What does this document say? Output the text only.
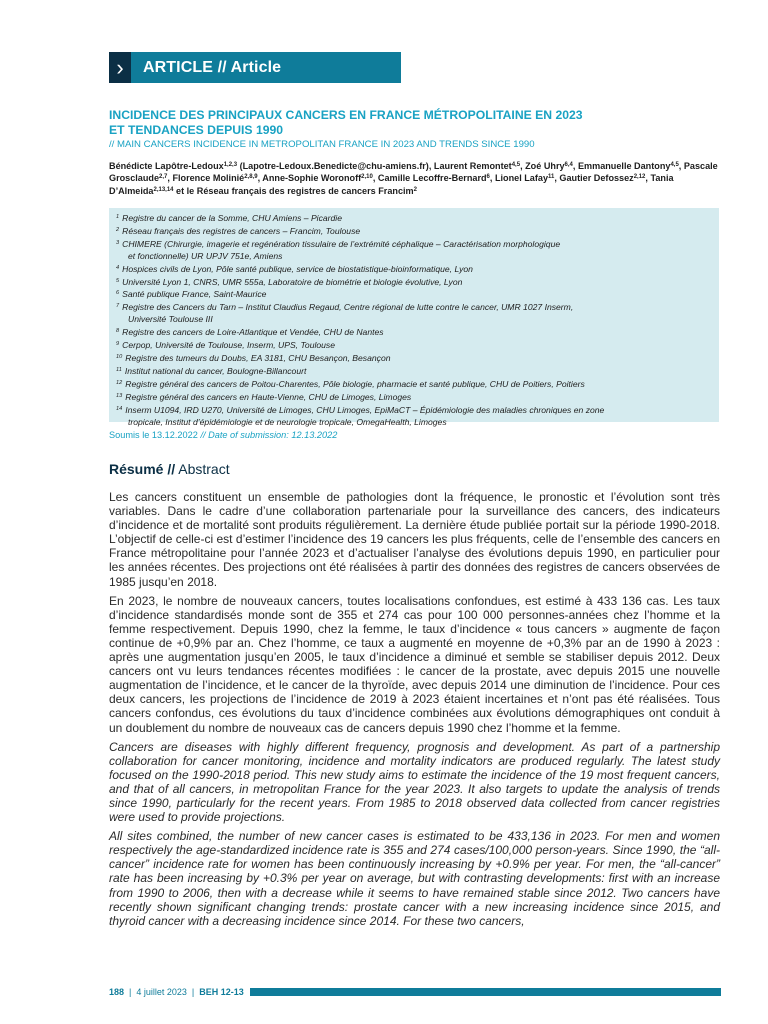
›	ARTICLE // Article
INCIDENCE DES PRINCIPAUX CANCERS EN FRANCE MÉTROPOLITAINE EN 2023
ET TENDANCES DEPUIS 1990
// MAIN CANCERS INCIDENCE IN METROPOLITAN FRANCE IN 2023 AND TRENDS SINCE 1990
Bénédicte Lapôtre-Ledoux$^{1,2,3}$ (Lapotre-Ledoux.Benedicte@chu-amiens.fr), Laurent Remontet$^{4,5}$, Zoé Uhry$^{6,4}$, Emmanuelle Dantony$^{4,5}$, Pascale Grosclaude$^{2,7}$, Florence Molinié$^{2,8,9}$, Anne-Sophie Woronoff$^{2,10}$, Camille Lecoffre-Bernard$^6$, Lionel Lafay$^{11}$, Gautier Defossez$^{2,12}$, Tania D’Almeida$^{2,13,14}$ et le Réseau français des registres de cancers Francim$^2$
$^1$ Registre du cancer de la Somme, CHU Amiens – Picardie
$^2$ Réseau français des registres de cancers – Francim, Toulouse
$^3$ CHIMERE (Chirurgie, imagerie et regénération tissulaire de l’extrémité céphalique – Caractérisation morphologique
et fonctionnelle) UR UPJV 751e, Amiens
$^4$ Hospices civils de Lyon, Pôle santé publique, service de biostatistique-bioinformatique, Lyon
$^5$ Université Lyon 1, CNRS, UMR 555a, Laboratoire de biométrie et biologie évolutive, Lyon
$^6$ Santé publique France, Saint-Maurice
$^7$ Registre des Cancers du Tarn – Institut Claudius Regaud, Centre régional de lutte contre le cancer, UMR 1027 Inserm,
Université Toulouse III
$^8$ Registre des cancers de Loire-Atlantique et Vendée, CHU de Nantes
$^9$ Cerpop, Université de Toulouse, Inserm, UPS, Toulouse
$^{10}$ Registre des tumeurs du Doubs, EA 3181, CHU Besançon, Besançon
$^{11}$ Institut national du cancer, Boulogne-Billancourt
$^{12}$ Registre général des cancers de Poitou-Charentes, Pôle biologie, pharmacie et santé publique, CHU de Poitiers, Poitiers
$^{13}$ Registre général des cancers en Haute-Vienne, CHU de Limoges, Limoges
$^{14}$ Inserm U1094, IRD U270, Université de Limoges, CHU Limoges, EpiMaCT – Épidémiologie des maladies chroniques en zone
tropicale, Institut d’épidémiologie et de neurologie tropicale, OmegaHealth, Limoges
Soumis le 13.12.2022 // Date of submission: 12.13.2022
Résumé // Abstract

Les cancers constituent un ensemble de pathologies dont la fréquence, le pronostic et l’évolution sont très variables. Dans le cadre d’une collaboration partenariale pour la surveillance des cancers, des indicateurs d’incidence et de mortalité sont produits régulièrement. La dernière étude publiée portait sur la période 1990-2018. L’objectif de celle-ci est d’estimer l’incidence des 19 cancers les plus fréquents, celle de l’ensemble des cancers en France métropolitaine pour l’année 2023 et d’actualiser l’analyse des évolutions depuis 1990, en particulier pour les années récentes. Des projections ont été réalisées à partir des données des registres de cancers observées de 1985 jusqu’en 2018.

En 2023, le nombre de nouveaux cancers, toutes localisations confondues, est estimé à 433 136 cas. Les taux d’incidence standardisés monde sont de 355 et 274 cas pour 100 000 personnes-années chez l’homme et la femme respectivement. Depuis 1990, chez la femme, le taux d’incidence « tous cancers » augmente de façon continue de +0,9% par an. Chez l’homme, ce taux a augmenté en moyenne de +0,3% par an de 1990 à 2023 : après une augmentation jusqu’en 2005, le taux d’incidence a diminué et semble se stabiliser depuis 2012. Deux cancers ont vu leurs tendances récentes modifiées : le cancer de la prostate, avec depuis 2015 une nouvelle augmentation de l’incidence, et le cancer de la thyroïde, avec depuis 2014 une diminution de l’incidence. Pour ces deux cancers, les projections de l’incidence de 2019 à 2023 étaient incertaines et n’ont pas été réalisées. Tous cancers confondus, ces évolutions du taux d’incidence combinées aux évolutions démographiques ont conduit à un doublement du nombre de nouveaux cas de cancers depuis 1990 chez l’homme et la femme.

Cancers are diseases with highly different frequency, prognosis and development. As part of a partnership collaboration for cancer monitoring, incidence and mortality indicators are produced regularly. The latest study focused on the 1990-2018 period. This new study aims to estimate the incidence of the 19 most frequent cancers, and that of all cancers, in metropolitan France for the year 2023. It also targets to update the analysis of trends since 1990, particularly for the recent years. From 1985 to 2018 observed data collected from cancer registries were used to provide projections.

All sites combined, the number of new cancer cases is estimated to be 433,136 in 2023. For men and women respectively the age-standardized incidence rate is 355 and 274 cases/100,000 person-years. Since 1990, the “all-cancer” incidence rate for women has been continuously increasing by +0.9% per year. For men, the “all-cancer” rate has been increasing by +0.3% per year on average, but with contrasting developments: first with an increase from 1990 to 2006, then with a decrease while it seems to have remained stable since 2012. Two cancers have recently shown significant changing trends: prostate cancer with a new increasing incidence since 2015, and thyroid cancer with a decreasing incidence since 2014. For these two cancers,

188 | 4 juillet 2023 | BEH 12-13
